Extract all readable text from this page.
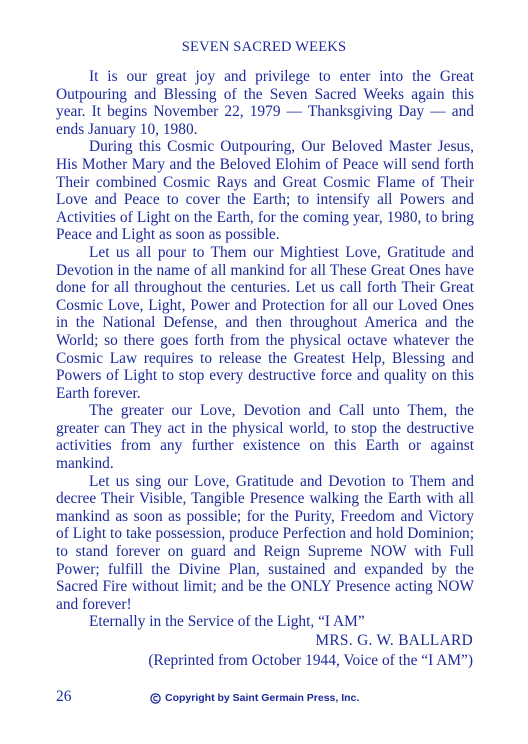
SEVEN SACRED WEEKS

It is our great joy and privilege to enter into the Great Outpouring and Blessing of the Seven Sacred Weeks again this year. It begins November 22, 1979 — Thanksgiving Day — and ends January 10, 1980.

During this Cosmic Outpouring, Our Beloved Master Jesus, His Mother Mary and the Beloved Elohim of Peace will send forth Their combined Cosmic Rays and Great Cosmic Flame of Their Love and Peace to cover the Earth; to intensify all Powers and Activities of Light on the Earth, for the coming year, 1980, to bring Peace and Light as soon as possible.

Let us all pour to Them our Mightiest Love, Gratitude and Devotion in the name of all mankind for all These Great Ones have done for all throughout the centuries. Let us call forth Their Great Cosmic Love, Light, Power and Protection for all our Loved Ones in the National Defense, and then throughout America and the World; so there goes forth from the physical octave whatever the Cosmic Law requires to release the Greatest Help, Blessing and Powers of Light to stop every destructive force and quality on this Earth forever.

The greater our Love, Devotion and Call unto Them, the greater can They act in the physical world, to stop the destructive activities from any further existence on this Earth or against mankind.

Let us sing our Love, Gratitude and Devotion to Them and decree Their Visible, Tangible Presence walking the Earth with all mankind as soon as possible; for the Purity, Freedom and Victory of Light to take possession, produce Perfection and hold Dominion; to stand forever on guard and Reign Supreme NOW with Full Power; fulfill the Divine Plan, sustained and expanded by the Sacred Fire without limit; and be the ONLY Presence acting NOW and forever!

Eternally in the Service of the Light, “I AM”

MRS. G. W. BALLARD
(Reprinted from October 1944, Voice of the “I AM”)
26	Copyright by Saint Germain Press, Inc.
